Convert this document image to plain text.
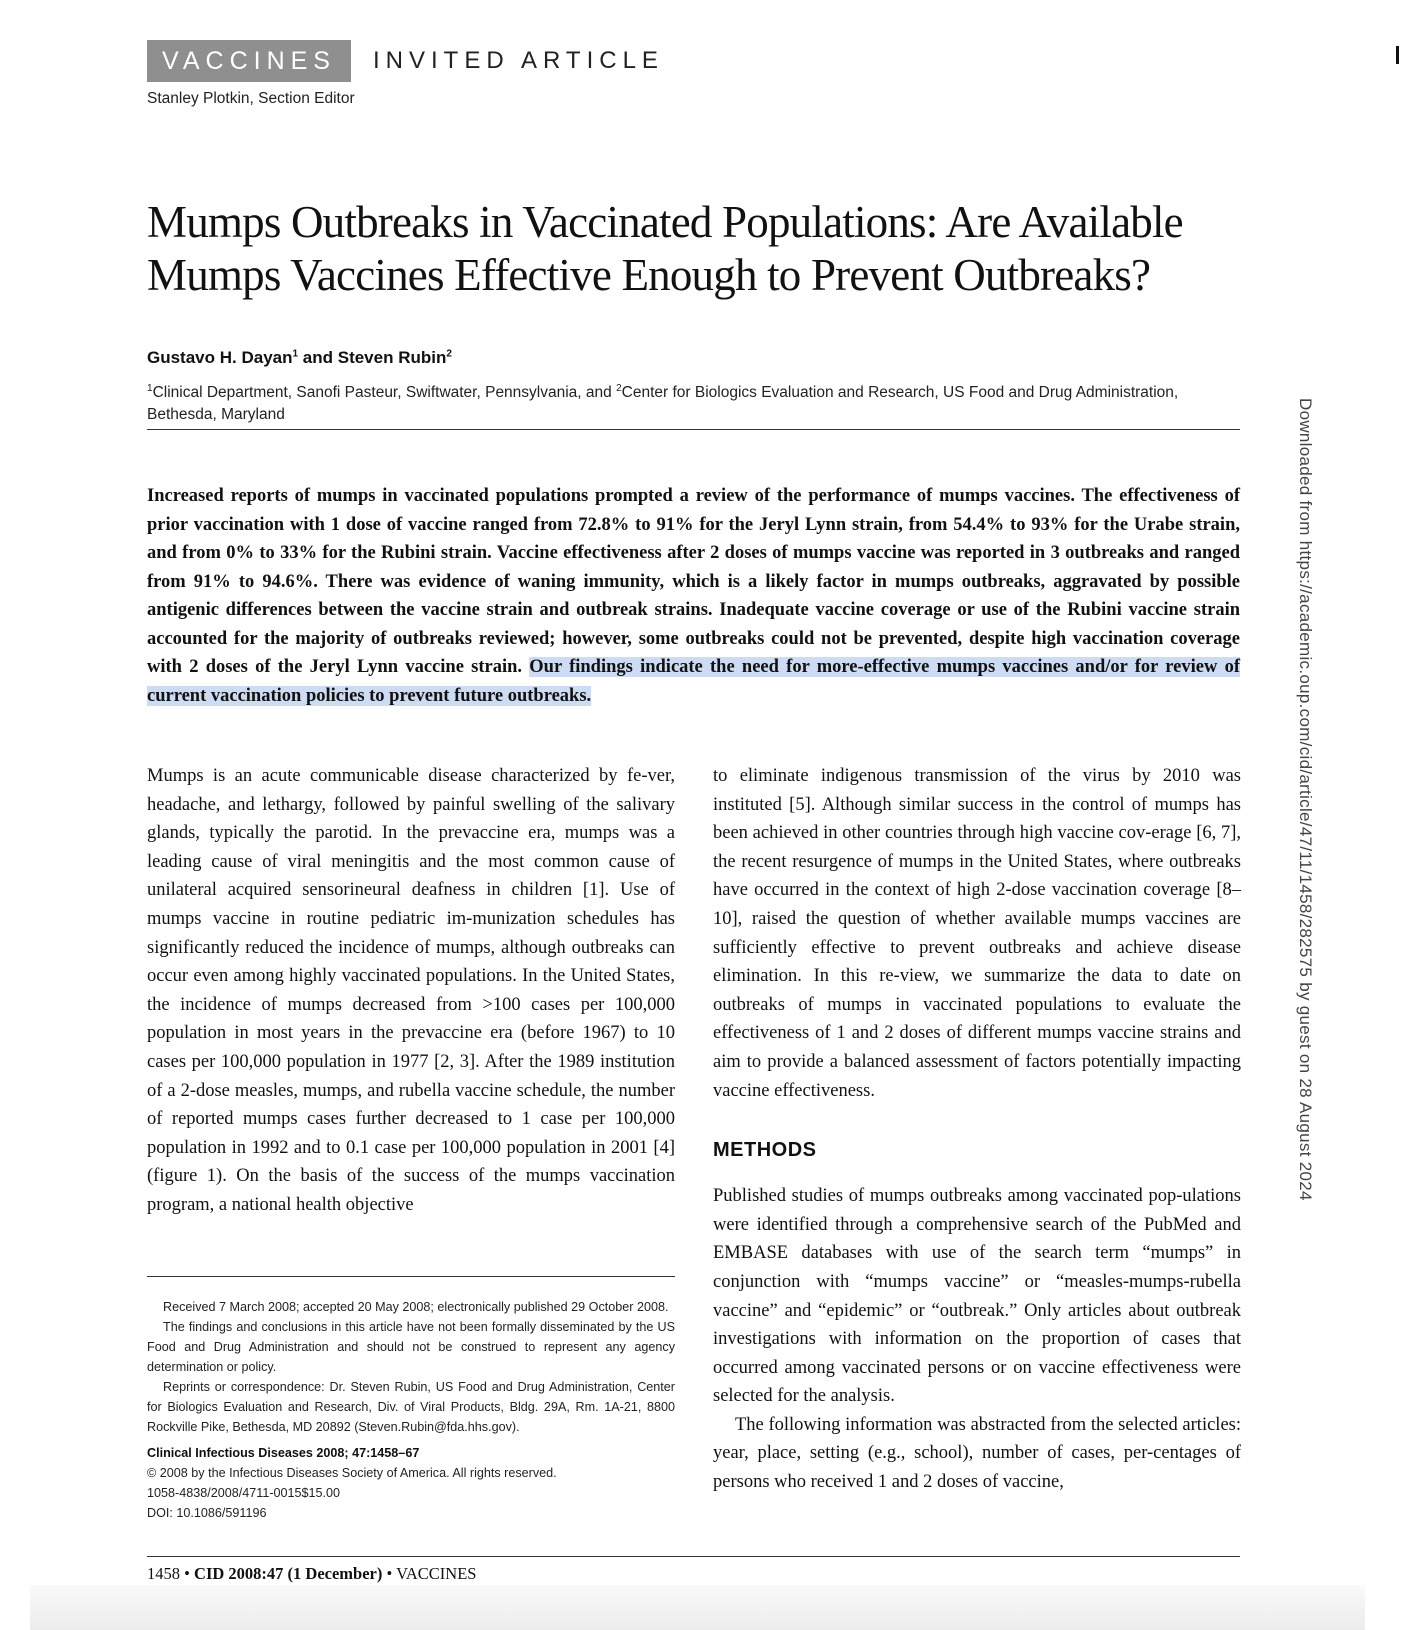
VACCINES	INVITED ARTICLE
Stanley Plotkin, Section Editor
Mumps Outbreaks in Vaccinated Populations: Are Available
Mumps Vaccines Effective Enough to Prevent Outbreaks?
Gustavo H. Dayan$^1$ and Steven Rubin$^2$
$^1$Clinical Department, Sanofi Pasteur, Swiftwater, Pennsylvania, and $^2$Center for Biologics Evaluation and Research, US Food and Drug Administration, Bethesda, Maryland

Increased reports of mumps in vaccinated populations prompted a review of the performance of mumps vaccines. The effectiveness of prior vaccination with 1 dose of vaccine ranged from 72.8% to 91% for the Jeryl Lynn strain, from 54.4% to 93% for the Urabe strain, and from 0% to 33% for the Rubini strain. Vaccine effectiveness after 2 doses of mumps vaccine was reported in 3 outbreaks and ranged from 91% to 94.6%. There was evidence of waning immunity, which is a likely factor in mumps outbreaks, aggravated by possible antigenic differences between the vaccine strain and outbreak strains. Inadequate vaccine coverage or use of the Rubini vaccine strain accounted for the majority of outbreaks reviewed; however, some outbreaks could not be prevented, despite high vaccination coverage with 2 doses of the Jeryl Lynn vaccine strain. Our findings indicate the need for more-effective mumps vaccines and/or for review of current vaccination policies to prevent future outbreaks.

Mumps is an acute communicable disease characterized by fe-ver, headache, and lethargy, followed by painful swelling of the salivary glands, typically the parotid. In the prevaccine era, mumps was a leading cause of viral meningitis and the most common cause of unilateral acquired sensorineural deafness in children [1]. Use of mumps vaccine in routine pediatric im-munization schedules has significantly reduced the incidence of mumps, although outbreaks can occur even among highly vaccinated populations. In the United States, the incidence of mumps decreased from >100 cases per 100,000 population in most years in the prevaccine era (before 1967) to 10 cases per 100,000 population in 1977 [2, 3]. After the 1989 institution of a 2-dose measles, mumps, and rubella vaccine schedule, the number of reported mumps cases further decreased to 1 case per 100,000 population in 1992 and to 0.1 case per 100,000 population in 2001 [4] (figure 1). On the basis of the success of the mumps vaccination program, a national health objective

to eliminate indigenous transmission of the virus by 2010 was instituted [5]. Although similar success in the control of mumps has been achieved in other countries through high vaccine cov-erage [6, 7], the recent resurgence of mumps in the United States, where outbreaks have occurred in the context of high 2-dose vaccination coverage [8–10], raised the question of whether available mumps vaccines are sufficiently effective to prevent outbreaks and achieve disease elimination. In this re-view, we summarize the data to date on outbreaks of mumps in vaccinated populations to evaluate the effectiveness of 1 and 2 doses of different mumps vaccine strains and aim to provide a balanced assessment of factors potentially impacting vaccine effectiveness.

METHODS

Published studies of mumps outbreaks among vaccinated pop-ulations were identified through a comprehensive search of the PubMed and EMBASE databases with use of the search term “mumps” in conjunction with “mumps vaccine” or “measles-mumps-rubella vaccine” and “epidemic” or “outbreak.” Only articles about outbreak investigations with information on the proportion of cases that occurred among vaccinated persons or on vaccine effectiveness were selected for the analysis.

The following information was abstracted from the selected articles: year, place, setting (e.g., school), number of cases, per-centages of persons who received 1 and 2 doses of vaccine,

Received 7 March 2008; accepted 20 May 2008; electronically published 29 October 2008.

The findings and conclusions in this article have not been formally disseminated by the US Food and Drug Administration and should not be construed to represent any agency determination or policy.

Reprints or correspondence: Dr. Steven Rubin, US Food and Drug Administration, Center for Biologics Evaluation and Research, Div. of Viral Products, Bldg. 29A, Rm. 1A-21, 8800 Rockville Pike, Bethesda, MD 20892 (Steven.Rubin@fda.hhs.gov).

Clinical Infectious Diseases 2008; 47:1458–67

© 2008 by the Infectious Diseases Society of America. All rights reserved.

1058-4838/2008/4711-0015$15.00

DOI: 10.1086/591196

1458 • CID 2008:47 (1 December) • VACCINES
Downloaded from https://academic.oup.com/cid/article/47/11/1458/282575 by guest on 28 August 2024
